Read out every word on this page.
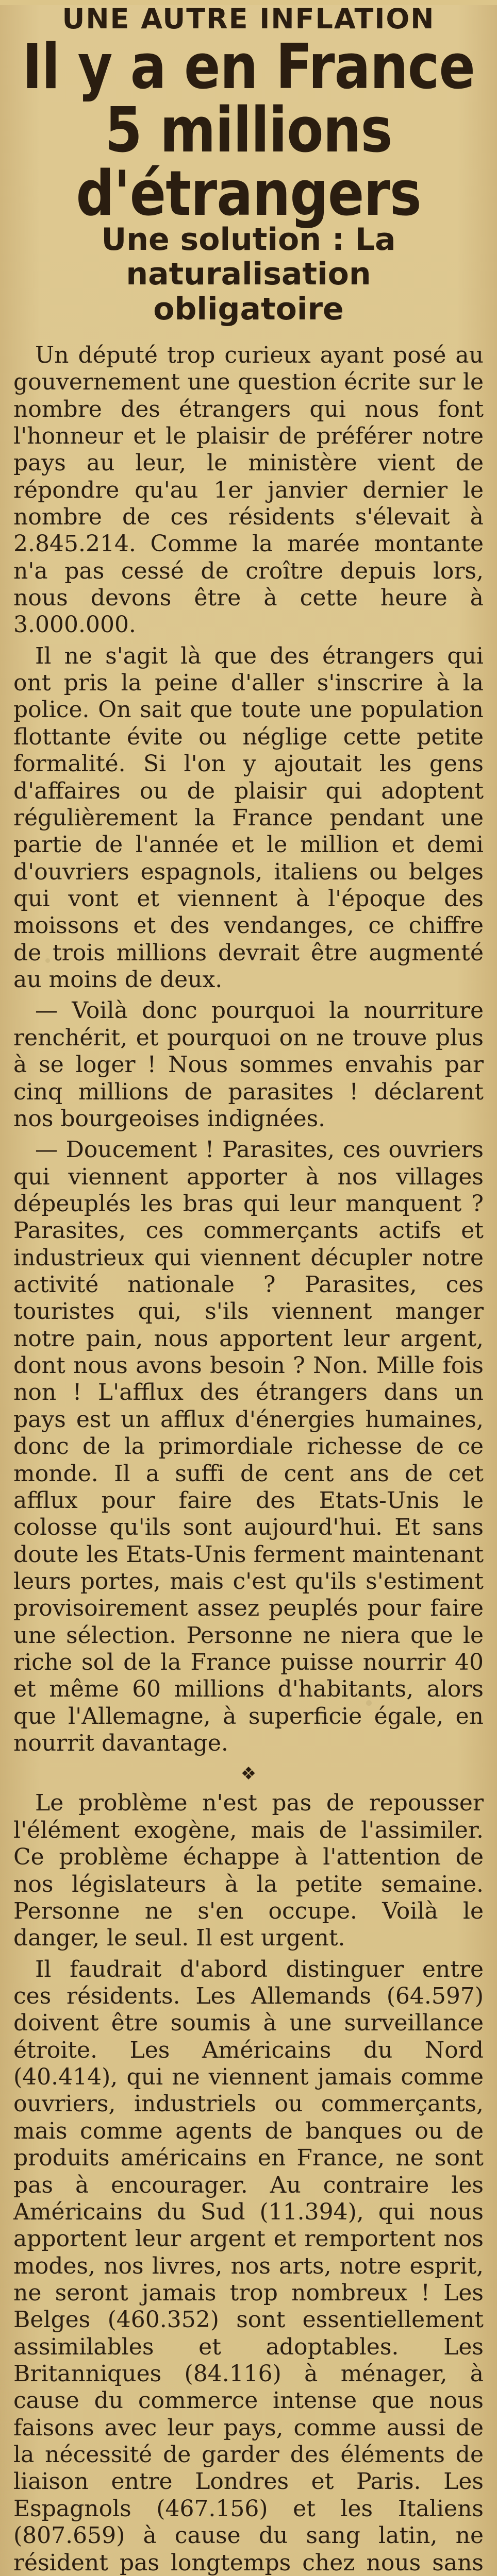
UNE AUTRE INFLATION
Il y a en France
5 millions d'étrangers
Une solution : La naturalisation
obligatoire

Un député trop curieux ayant posé au gouvernement une question écrite sur le nombre des étrangers qui nous font l'honneur et le plaisir de préférer notre pays au leur, le ministère vient de répondre qu'au 1er janvier dernier le nombre de ces résidents s'élevait à 2.845.214. Comme la marée montante n'a pas cessé de croître depuis lors, nous devons être à cette heure à 3.000.000.

Il ne s'agit là que des étrangers qui ont pris la peine d'aller s'inscrire à la police. On sait que toute une population flottante évite ou néglige cette petite formalité. Si l'on y ajoutait les gens d'affaires ou de plaisir qui adoptent régulièrement la France pendant une partie de l'année et le million et demi d'ouvriers espagnols, italiens ou belges qui vont et viennent à l'époque des moissons et des vendanges, ce chiffre de trois millions devrait être augmenté au moins de deux.

— Voilà donc pourquoi la nourriture renchérit, et pourquoi on ne trouve plus à se loger ! Nous sommes envahis par cinq millions de parasites ! déclarent nos bourgeoises indignées.

— Doucement ! Parasites, ces ouvriers qui viennent apporter à nos villages dépeuplés les bras qui leur manquent ? Parasites, ces commerçants actifs et industrieux qui viennent décupler notre activité nationale ? Parasites, ces touristes qui, s'ils viennent manger notre pain, nous apportent leur argent, dont nous avons besoin ? Non. Mille fois non ! L'afflux des étrangers dans un pays est un afflux d'énergies humaines, donc de la primordiale richesse de ce monde. Il a suffi de cent ans de cet afflux pour faire des Etats-Unis le colosse qu'ils sont aujourd'hui. Et sans doute les Etats-Unis ferment maintenant leurs portes, mais c'est qu'ils s'estiment provisoirement assez peuplés pour faire une sélection. Personne ne niera que le riche sol de la France puisse nourrir 40 et même 60 millions d'habitants, alors que l'Allemagne, à superficie égale, en nourrit davantage.

❖

Le problème n'est pas de repousser l'élément exogène, mais de l'assimiler. Ce problème échappe à l'attention de nos législateurs à la petite semaine. Personne ne s'en occupe. Voilà le danger, le seul. Il est urgent.

Il faudrait d'abord distinguer entre ces résidents. Les Allemands (64.597) doivent être soumis à une surveillance étroite. Les Américains du Nord (40.414), qui ne viennent jamais comme ouvriers, industriels ou commerçants, mais comme agents de banques ou de produits américains en France, ne sont pas à encourager. Au contraire les Américains du Sud (11.394), qui nous apportent leur argent et remportent nos modes, nos livres, nos arts, notre esprit, ne seront jamais trop nombreux ! Les Belges (460.352) sont essentiellement assimilables et adoptables. Les Britanniques (84.116) à ménager, à cause du commerce intense que nous faisons avec leur pays, comme aussi de la nécessité de garder des éléments de liaison entre Londres et Paris. Les Espagnols (467.156) et les Italiens (807.659) à cause du sang latin, ne résident pas longtemps chez nous sans
